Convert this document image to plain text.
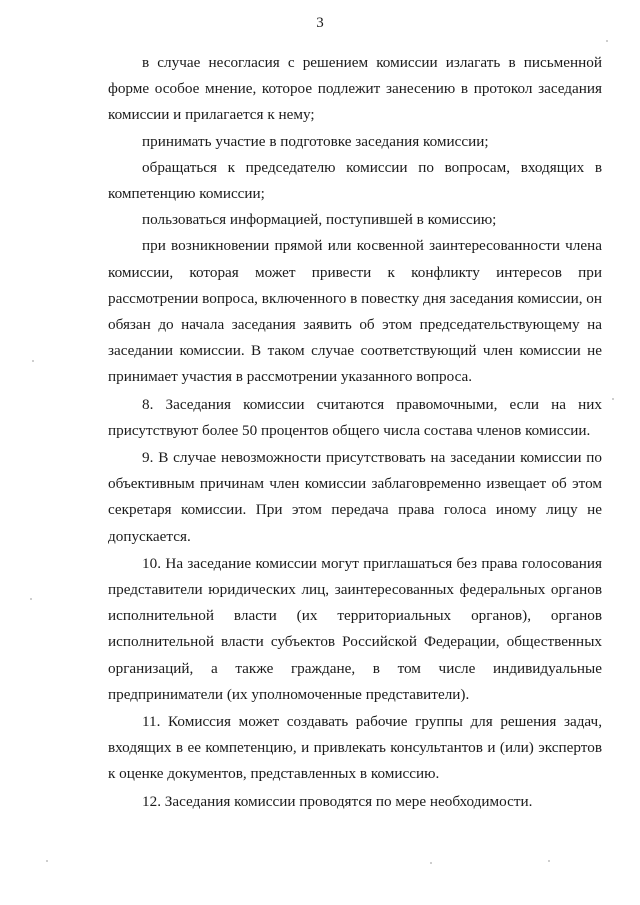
3

в случае несогласия с решением комиссии излагать в письменной форме особое мнение, которое подлежит занесению в протокол заседания комиссии и прилагается к нему;

принимать участие в подготовке заседания комиссии;

обращаться к председателю комиссии по вопросам, входящих в компетенцию комиссии;

пользоваться информацией, поступившей в комиссию;

при возникновении прямой или косвенной заинтересованности члена комиссии, которая может привести к конфликту интересов при рассмотрении вопроса, включенного в повестку дня заседания комиссии, он обязан до начала заседания заявить об этом председательствующему на заседании комиссии. В таком случае соответствующий член комиссии не принимает участия в рассмотрении указанного вопроса.

8. Заседания комиссии считаются правомочными, если на них присутствуют более 50 процентов общего числа состава членов комиссии.

9. В случае невозможности присутствовать на заседании комиссии по объективным причинам член комиссии заблаговременно извещает об этом секретаря комиссии. При этом передача права голоса иному лицу не допускается.

10. На заседание комиссии могут приглашаться без права голосования представители юридических лиц, заинтересованных федеральных органов исполнительной власти (их территориальных органов), органов исполнительной власти субъектов Российской Федерации, общественных организаций, а также граждане, в том числе индивидуальные предприниматели (их уполномоченные представители).

11. Комиссия может создавать рабочие группы для решения задач, входящих в ее компетенцию, и привлекать консультантов и (или) экспертов к оценке документов, представленных в комиссию.

12. Заседания комиссии проводятся по мере необходимости.
